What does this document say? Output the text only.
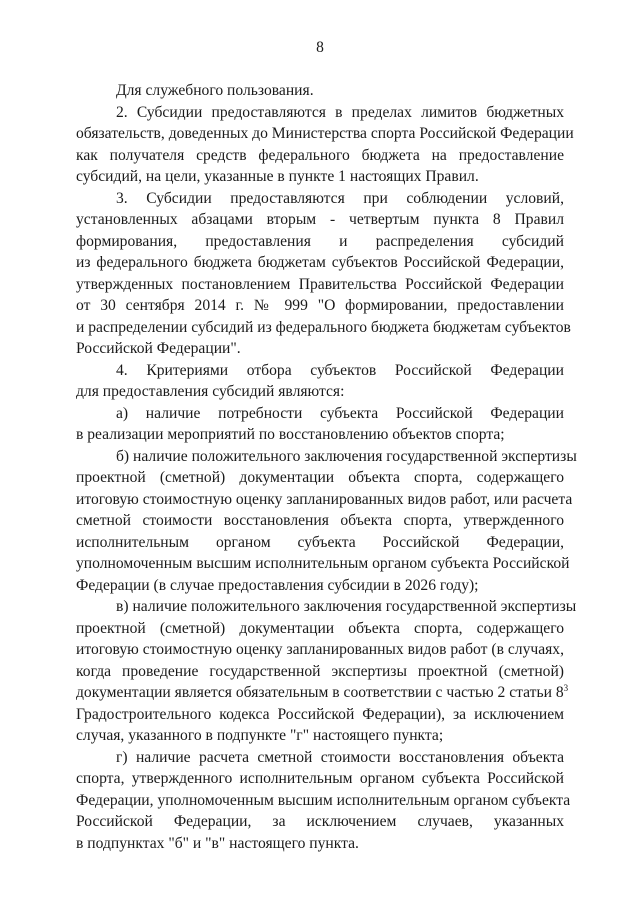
8
Для служебного пользования.
2. Субсидии предоставляются в пределах лимитов бюджетных
обязательств, доведенных до Министерства спорта Российской Федерации
как получателя средств федерального бюджета на предоставление
субсидий, на цели, указанные в пункте 1 настоящих Правил.
3. Субсидии предоставляются при соблюдении условий,
установленных абзацами вторым - четвертым пункта 8 Правил
формирования, предоставления и распределения субсидий
из федерального бюджета бюджетам субъектов Российской Федерации,
утвержденных постановлением Правительства Российской Федерации
от 30 сентября 2014 г. № 999 "О формировании, предоставлении
и распределении субсидий из федерального бюджета бюджетам субъектов
Российской Федерации".
4. Критериями отбора субъектов Российской Федерации
для предоставления субсидий являются:
а) наличие потребности субъекта Российской Федерации
в реализации мероприятий по восстановлению объектов спорта;
б) наличие положительного заключения государственной экспертизы
проектной (сметной) документации объекта спорта, содержащего
итоговую стоимостную оценку запланированных видов работ, или расчета
сметной стоимости восстановления объекта спорта, утвержденного
исполнительным органом субъекта Российской Федерации,
уполномоченным высшим исполнительным органом субъекта Российской
Федерации (в случае предоставления субсидии в 2026 году);
в) наличие положительного заключения государственной экспертизы
проектной (сметной) документации объекта спорта, содержащего
итоговую стоимостную оценку запланированных видов работ (в случаях,
когда проведение государственной экспертизы проектной (сметной)
документации является обязательным в соответствии с частью 2 статьи $8^3$
Градостроительного кодекса Российской Федерации), за исключением
случая, указанного в подпункте "г" настоящего пункта;
г) наличие расчета сметной стоимости восстановления объекта
спорта, утвержденного исполнительным органом субъекта Российской
Федерации, уполномоченным высшим исполнительным органом субъекта
Российской Федерации, за исключением случаев, указанных
в подпунктах "б" и "в" настоящего пункта.
